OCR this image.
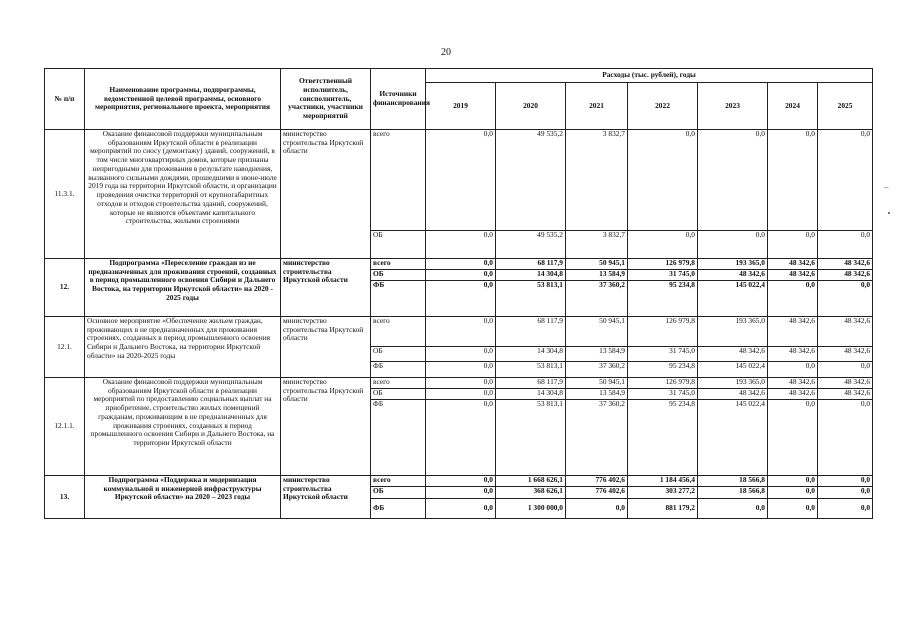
20
№ п/п	Наименование программы, подпрограммы, ведомственной целевой программы, основного мероприятия, регионального проекта, мероприятия	Ответственный исполнитель, соисполнитель, участники, участники мероприятий	Источники финансирования	Расходы (тыс. рублей), годы						
				2019	2020	2021	2022	2023	2024	2025
11.3.1.	Оказание финансовой поддержки муниципальным образованиям Иркутской области в реализации мероприятий по сносу (демонтажу) зданий, сооружений, в том числе многоквартирных домов, которые признаны непригодными для проживания в результате наводнения, вызванного сильными дождями, прошедшими в июне-июле 2019 года на территории Иркутской области, и организации проведения очистки территорий от крупногабаритных отходов и отходов строительства зданий, сооружений, которые не являются объектами капитального строительства, жилыми строениями	министерство строительства Иркутской области	всего	0,0	49 535,2	3 832,7	0,0	0,0	0,0	0,0
			ОБ	0,0	49 535,2	3 832,7	0,0	0,0	0,0	0,0
12.	Подпрограмма «Переселение граждан из не предназначенных для проживания строений, созданных в период промышленного освоения Сибири и Дальнего Востока, на территории Иркутской области» на 2020 - 2025 годы	министерство строительства Иркутской области	всего	0,0	68 117,9	50 945,1	126 979,8	193 365,0	48 342,6	48 342,6
			ОБ	0,0	14 304,8	13 584,9	31 745,0	48 342,6	48 342,6	48 342,6
			ФБ	0,0	53 813,1	37 360,2	95 234,8	145 022,4	0,0	0,0
12.1.	Основное мероприятие «Обеспечение жильем граждан, проживающих в не предназначенных для проживания строениях, созданных в период промышленного освоения Сибири и Дальнего Востока, на территории Иркутской области» на 2020-2025 годы	министерство строительства Иркутской области	всего	0,0	68 117,9	50 945,1	126 979,8	193 365,0	48 342,6	48 342,6
			ОБ	0,0	14 304,8	13 584,9	31 745,0	48 342,6	48 342,6	48 342,6
			ФБ	0,0	53 813,1	37 360,2	95 234,8	145 022,4	0,0	0,0
12.1.1.	Оказание финансовой поддержки муниципальным образованиям Иркутской области в реализации мероприятий по предоставлению социальных выплат на приобретение, строительство жилых помещений гражданам, проживающим в не предназначенных для проживания строениях, созданных в период промышленного освоения Сибири и Дальнего Востока, на территории Иркутской области	министерство строительства Иркутской области	всего	0,0	68 117,9	50 945,1	126 979,8	193 365,0	48 342,6	48 342,6
			ОБ	0,0	14 304,8	13 584,9	31 745,0	48 342,6	48 342,6	48 342,6
			ФБ	0,0	53 813,1	37 360,2	95 234,8	145 022,4	0,0	0,0
13.	Подпрограмма «Поддержка и модернизация коммунальной и инженерной инфраструктуры Иркутской области» на 2020 – 2023 годы	министерство строительства Иркутской области	всего	0,0	1 668 626,1	776 402,6	1 184 456,4	18 566,8	0,0	0,0
			ОБ	0,0	368 626,1	776 402,6	303 277,2	18 566,8	0,0	0,0
			ФБ	0,0	1 300 000,0	0,0	881 179,2	0,0	0,0	0,0
–
